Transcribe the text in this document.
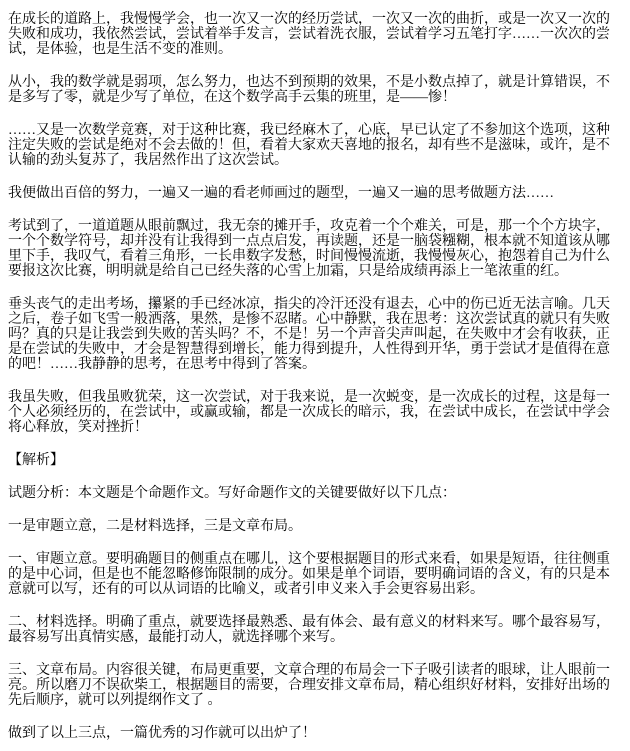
在成长的道路上，我慢慢学会，也一次又一次的经历尝试，一次又一次的曲折，或是一次又一次的失败和成功，我依然尝试，尝试着举手发言，尝试着洗衣服，尝试着学习五笔打字……一次次的尝试，是体验，也是生活不变的准则。

从小，我的数学就是弱项，怎么努力，也达不到预期的效果，不是小数点掉了，就是计算错误，不是多写了零，就是少写了单位，在这个数学高手云集的班里，是——惨！

……又是一次数学竞赛，对于这种比赛，我已经麻木了，心底，早已认定了不参加这个选项，这种注定失败的尝试是绝对不会去做的！但，看着大家欢天喜地的报名，却有些不是滋味，或许，是不认输的劲头复苏了，我居然作出了这次尝试。

我便做出百倍的努力，一遍又一遍的看老师画过的题型，一遍又一遍的思考做题方法……

考试到了，一道道题从眼前飘过，我无奈的摊开手，攻克着一个个难关，可是，那一个个方块字，一个个数学符号，却并没有让我得到一点点启发，再读题，还是一脑袋糨糊，根本就不知道该从哪里下手，我叹气，看着三角形，一长串数字发愁，时间慢慢流逝，我慢慢灰心，抱怨着自己为什么要报这次比赛，明明就是给自己已经失落的心雪上加霜，只是给成绩再添上一笔浓重的红。

垂头丧气的走出考场，攥紧的手已经冰凉，指尖的冷汗还没有退去，心中的伤已近无法言喻。几天之后，卷子如飞雪一般洒落，果然，是惨不忍睹。心中静默，我在思考：这次尝试真的就只有失败吗？真的只是让我尝到失败的苦头吗？不，不是！另一个声音尖声叫起，在失败中才会有收获，正是在尝试的失败中，才会是智慧得到增长，能力得到提升，人性得到开华，勇于尝试才是值得在意的吧！……我静静的思考，在思考中得到了答案。

我虽失败，但我虽败犹荣，这一次尝试，对于我来说，是一次蜕变，是一次成长的过程，这是每一个人必须经历的，在尝试中，或赢或输，都是一次成长的暗示，我，在尝试中成长，在尝试中学会将心释放，笑对挫折！

【解析】

试题分析：本文题是个命题作文。写好命题作文的关键要做好以下几点：

一是审题立意，二是材料选择，三是文章布局。

一、审题立意。要明确题目的侧重点在哪儿，这个要根据题目的形式来看，如果是短语，往往侧重的是中心词，但是也不能忽略修饰限制的成分。如果是单个词语，要明确词语的含义，有的只是本意就可以写，还有的可以从词语的比喻义，或者引申义来入手会更容易出彩。

二、材料选择。明确了重点，就要选择最熟悉、最有体会、最有意义的材料来写。哪个最容易写，最容易写出真情实感，最能打动人，就选择哪个来写。

三、文章布局。内容很关键，布局更重要，文章合理的布局会一下子吸引读者的眼球，让人眼前一亮。所以磨刀不误砍柴工，根据题目的需要，合理安排文章布局，精心组织好材料，安排好出场的先后顺序，就可以列提纲作文了 。

做到了以上三点，一篇优秀的习作就可以出炉了！
